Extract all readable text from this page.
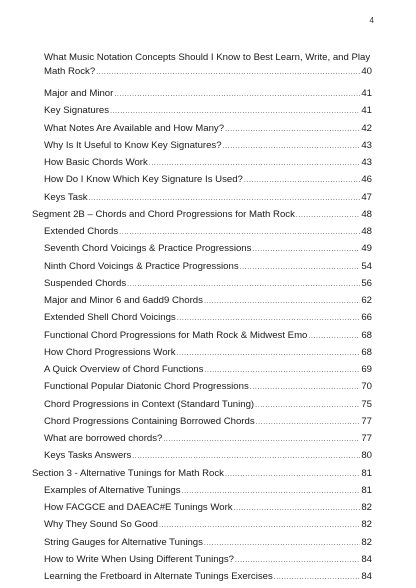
4
What Music Notation Concepts Should I Know to Best Learn, Write, and Play
Math Rock? .....	40
Major and Minor .....	41
Key Signatures .....	41
What Notes Are Available and How Many? .....	42
Why Is It Useful to Know Key Signatures? .....	43
How Basic Chords Work .....	43
How Do I Know Which Key Signature Is Used? .....	46
Keys Task .....	47
Segment 2B – Chords and Chord Progressions for Math Rock .....	48
Extended Chords .....	48
Seventh Chord Voicings & Practice Progressions .....	49
Ninth Chord Voicings & Practice Progressions .....	54
Suspended Chords .....	56
Major and Minor 6 and 6add9 Chords .....	62
Extended Shell Chord Voicings .....	66
Functional Chord Progressions for Math Rock & Midwest Emo .....	68
How Chord Progressions Work .....	68
A Quick Overview of Chord Functions .....	69
Functional Popular Diatonic Chord Progressions .....	70
Chord Progressions in Context (Standard Tuning) .....	75
Chord Progressions Containing Borrowed Chords .....	77
What are borrowed chords? .....	77
Keys Tasks Answers .....	80
Section 3 - Alternative Tunings for Math Rock .....	81
Examples of Alternative Tunings .....	81
How FACGCE and DAEAC#E Tunings Work .....	82
Why They Sound So Good .....	82
String Gauges for Alternative Tunings .....	82
How to Write When Using Different Tunings? .....	84
Learning the Fretboard in Alternate Tunings Exercises .....	84
